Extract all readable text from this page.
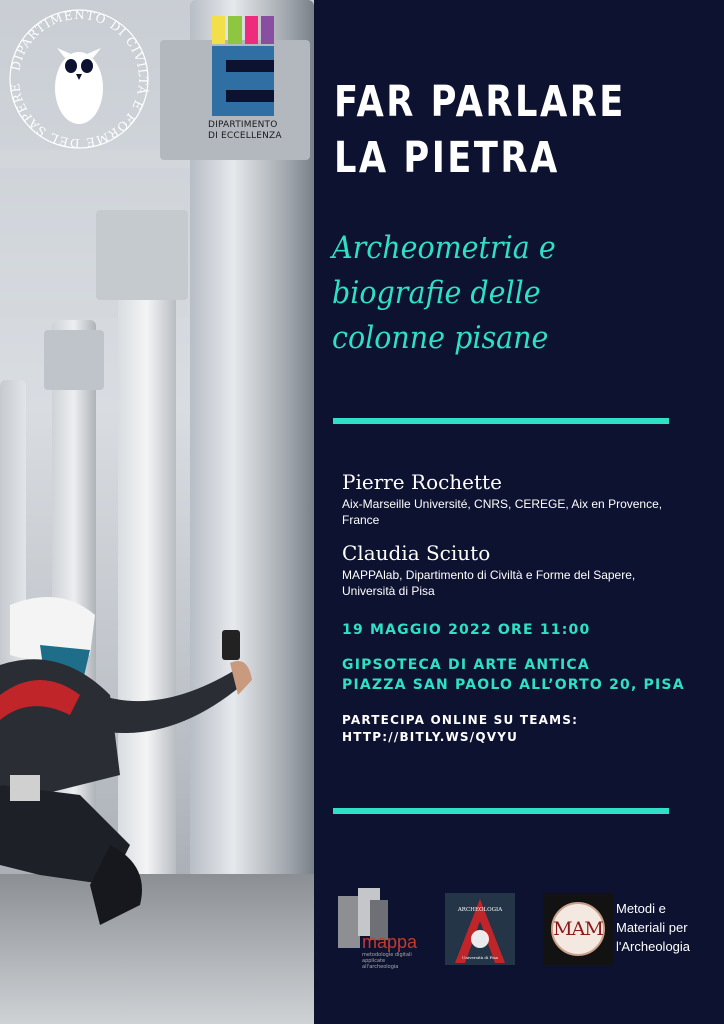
DIPARTIMENTO DI CIVILTÀ E FORME DEL SAPERE
DIPARTIMENTO DI ECCELLENZA
FAR PARLARE
LA PIETRA
Archeometria e
biografie delle
colonne pisane
Pierre Rochette
Aix-Marseille Université, CNRS, CEREGE, Aix en Provence, France
Claudia Sciuto
MAPPAlab, Dipartimento di Civiltà e Forme del Sapere, Università di Pisa
19 MAGGIO 2022 ORE 11:00
GIPSOTECA DI ARTE ANTICA
PIAZZA SAN PAOLO ALL’ORTO 20, PISA
PARTECIPA ONLINE SU TEAMS:
HTTP://BITLY.WS/QVYU
mappa
metodologie digitali applicate all'archeologia
ARCHEOLOGIA
Università di Pisa
MAM
Metodi e
Materiali per
l'Archeologia
